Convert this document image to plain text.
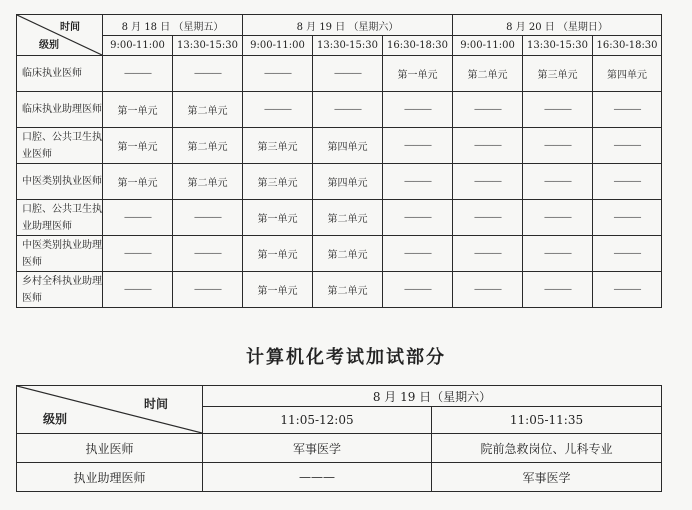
时间
级别	8 月 18 日 （星期五）		8 月 19 日 （星期六）			8 月 20 日 （星期日）		
	9:00-11:00	13:30-15:30	9:00-11:00	13:30-15:30	16:30-18:30	9:00-11:00	13:30-15:30	16:30-18:30
临床执业医师	———	———	———	———	第一单元	第二单元	第三单元	第四单元
临床执业助理医师	第一单元	第二单元	———	———	———	———	———	———
口腔、公共卫生执业医师	第一单元	第二单元	第三单元	第四单元	———	———	———	———
中医类别执业医师	第一单元	第二单元	第三单元	第四单元	———	———	———	———
口腔、公共卫生执业助理医师	———	———	第一单元	第二单元	———	———	———	———
中医类别执业助理医师	———	———	第一单元	第二单元	———	———	———	———
乡村全科执业助理医师	———	———	第一单元	第二单元	———	———	———	———
计算机化考试加试部分
时间
级别	8 月 19 日（星期六）	
	11:05-12:05	11:05-11:35
执业医师	军事医学	院前急救岗位、儿科专业
执业助理医师	———	军事医学
